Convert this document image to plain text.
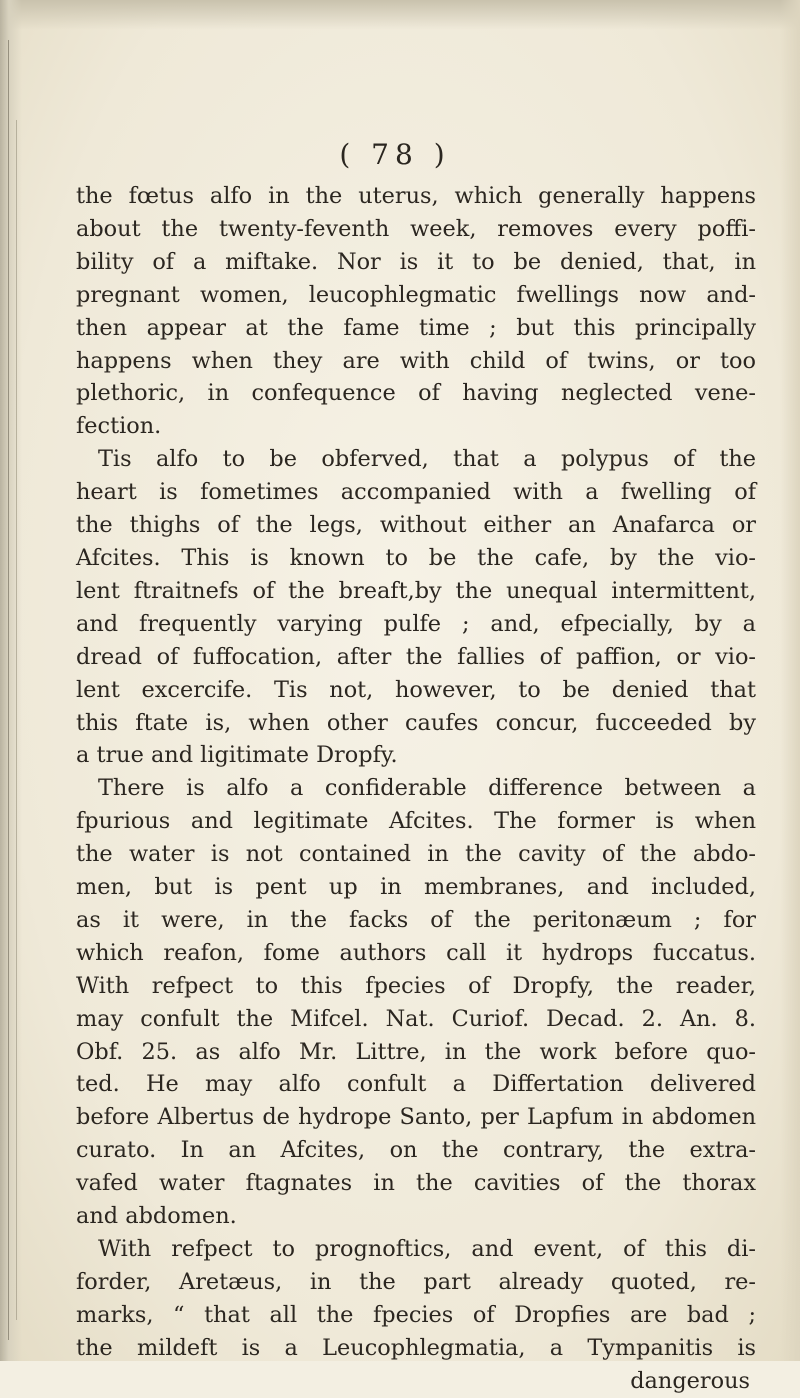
( 78 )
the fœtus alfo in the uterus, which generally happens
about the twenty-feventh week, removes every poffi-
bility of a miftake. Nor is it to be denied, that, in
pregnant women, leucophlegmatic fwellings now and-
then appear at the fame time ; but this principally
happens when they are with child of twins, or too
plethoric, in confequence of having neglected vene-
fection.
Tis alfo to be obferved, that a polypus of the
heart is fometimes accompanied with a fwelling of
the thighs of the legs, without either an Anafarca or
Afcites. This is known to be the cafe, by the vio-
lent ftraitnefs of the breaft,by the unequal intermittent,
and frequently varying pulfe ; and, efpecially, by a
dread of fuffocation, after the fallies of paffion, or vio-
lent excercife. Tis not, however, to be denied that
this ftate is, when other caufes concur, fucceeded by
a true and ligitimate Dropfy.
There is alfo a confiderable difference between a
fpurious and legitimate Afcites. The former is when
the water is not contained in the cavity of the abdo-
men, but is pent up in membranes, and included,
as it were, in the facks of the peritonæum ; for
which reafon, fome authors call it hydrops fuccatus.
With refpect to this fpecies of Dropfy, the reader,
may confult the Mifcel. Nat. Curiof. Decad. 2. An. 8.
Obf. 25. as alfo Mr. Littre, in the work before quo-
ted. He may alfo confult a Differtation delivered
before Albertus de hydrope Santo, per Lapfum in abdomen
curato. In an Afcites, on the contrary, the extra-
vafed water ftagnates in the cavities of the thorax
and abdomen.
With refpect to prognoftics, and event, of this di-
forder, Aretæus, in the part already quoted, re-
marks, “ that all the fpecies of Dropfies are bad ;
the mildeft is a Leucophlegmatia, a Tympanitis is
dangerous
